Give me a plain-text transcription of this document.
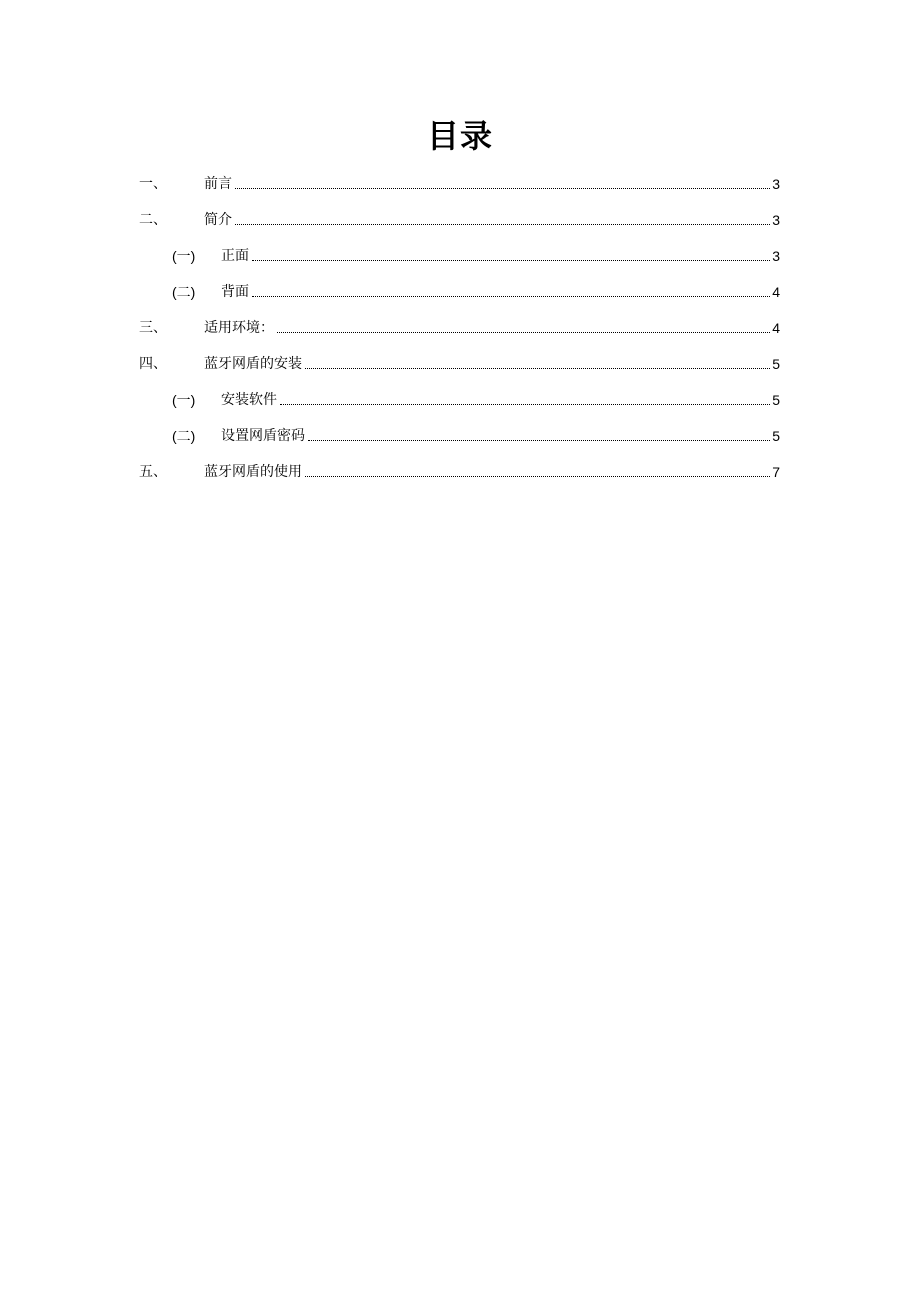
目录
一、	前言	3
二、	简介	3
(一)	正面	3
(二)	背面	4
三、	适用环境：	4
四、	蓝牙网盾的安装	5
(一)	安装软件	5
(二)	设置网盾密码	5
五、	蓝牙网盾的使用	7
